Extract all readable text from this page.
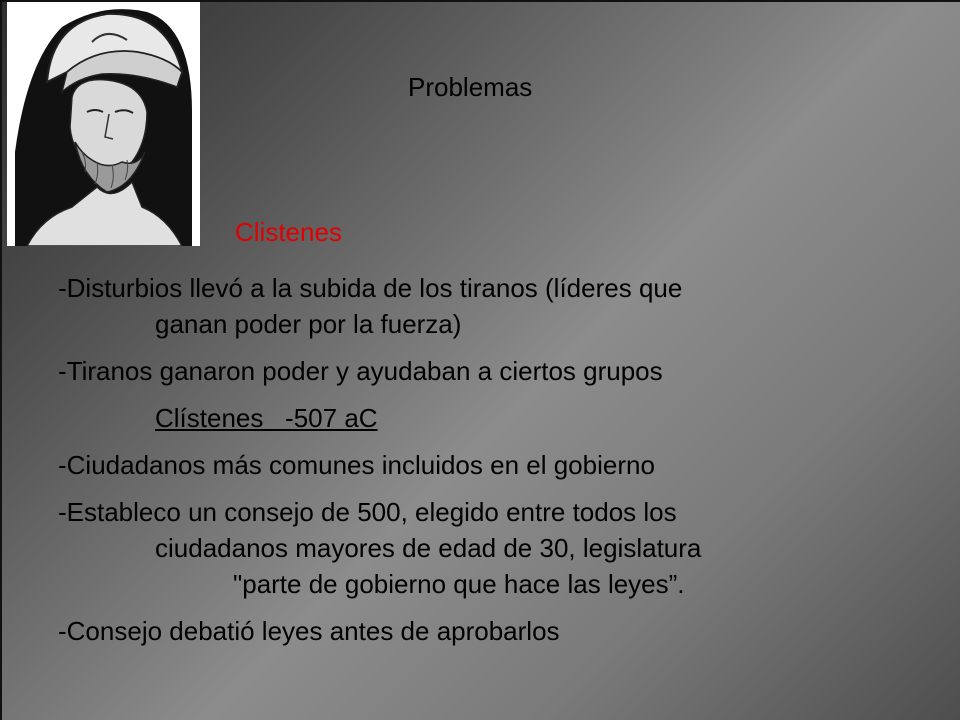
Problemas
Clistenes

-Disturbios llevó a la subida de los tiranos (líderes que
ganan poder por la fuerza)

-Tiranos ganaron poder y ayudaban a ciertos grupos

Clístenes   -507 aC

-Ciudadanos más comunes incluidos en el gobierno

-Estableco un consejo de 500, elegido entre todos los
ciudadanos mayores de edad de 30, legislatura
"parte de gobierno que hace las leyes”.

-Consejo debatió leyes antes de aprobarlos
